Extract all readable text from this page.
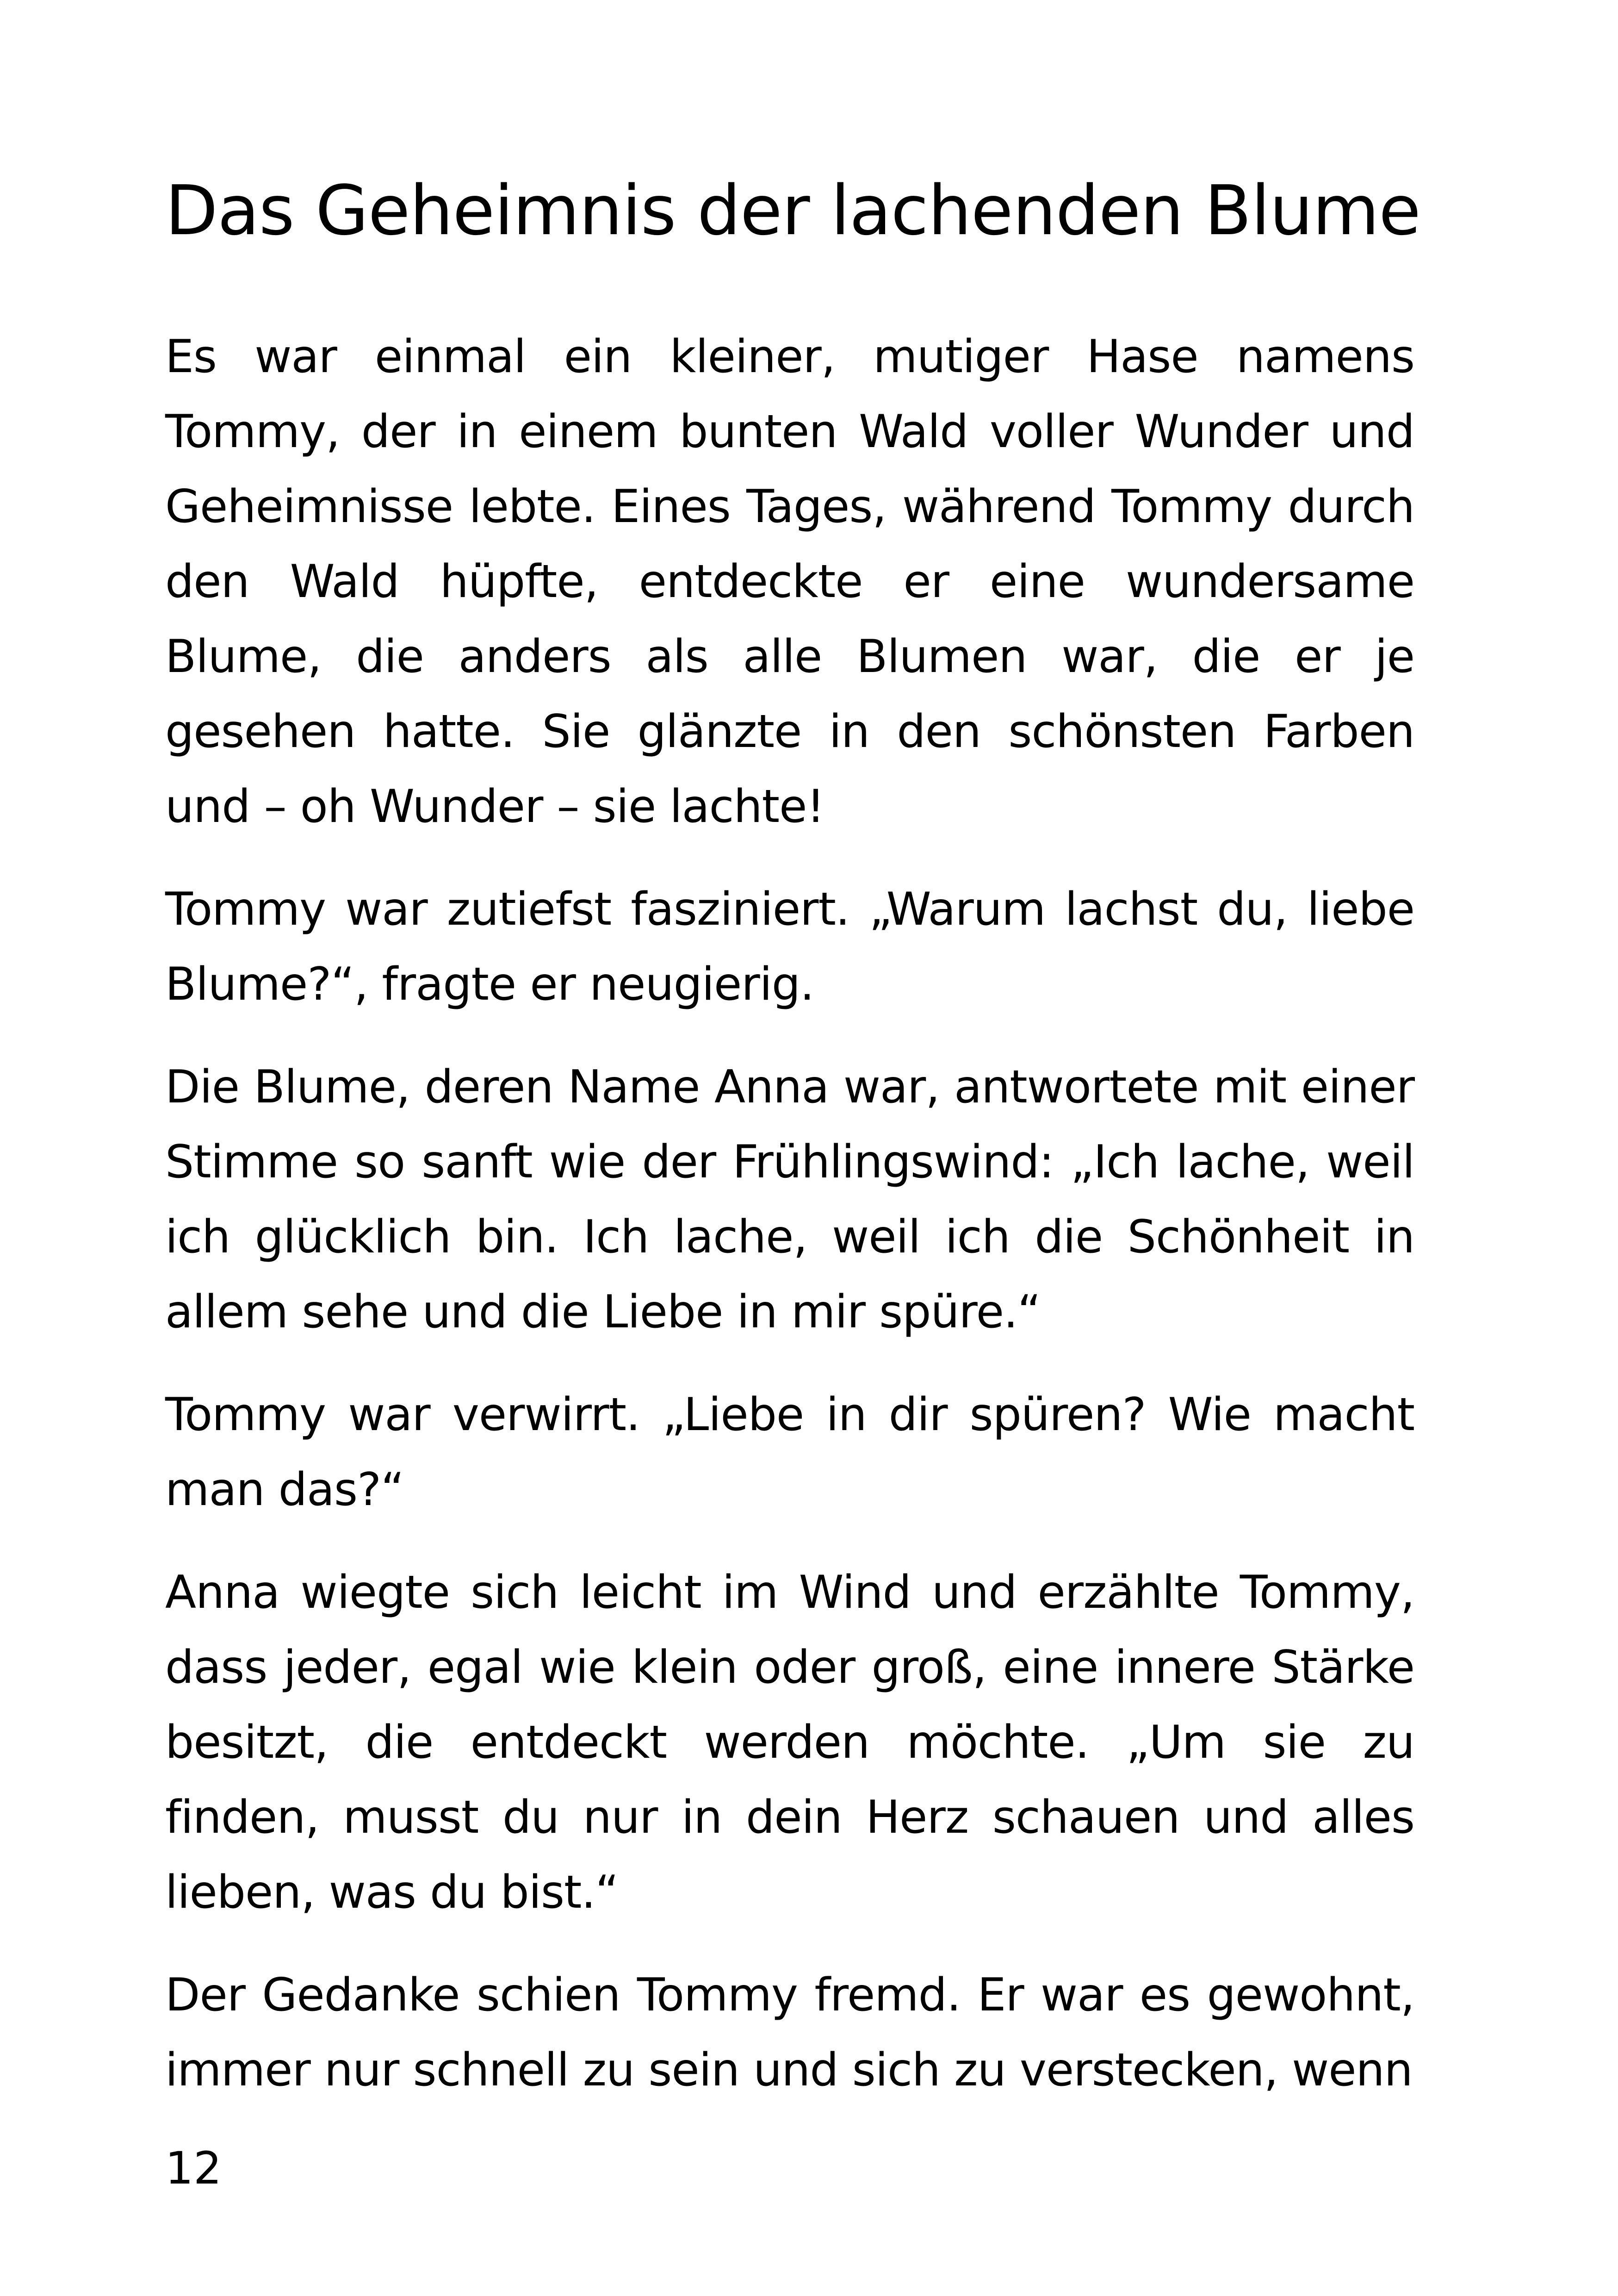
Das Geheimnis der lachenden Blume

Es war einmal ein kleiner, mutiger Hase namens Tommy, der in einem bunten Wald voller Wunder und Geheimnisse lebte. Eines Tages, während Tommy durch den Wald hüpfte, entdeckte er eine wundersame Blume, die anders als alle Blumen war, die er je gesehen hatte. Sie glänzte in den schönsten Farben und – oh Wunder – sie lachte!

Tommy war zutiefst fasziniert. „Warum lachst du, liebe Blume?“, fragte er neugierig.

Die Blume, deren Name Anna war, antwortete mit einer Stimme so sanft wie der Frühlingswind: „Ich lache, weil ich glücklich bin. Ich lache, weil ich die Schönheit in allem sehe und die Liebe in mir spüre.“

Tommy war verwirrt. „Liebe in dir spüren? Wie macht man das?“

Anna wiegte sich leicht im Wind und erzählte Tommy, dass jeder, egal wie klein oder groß, eine innere Stärke besitzt, die entdeckt werden möchte. „Um sie zu finden, musst du nur in dein Herz schauen und alles lieben, was du bist.“

Der Gedanke schien Tommy fremd. Er war es gewohnt, immer nur schnell zu sein und sich zu verstecken, wenn

12
